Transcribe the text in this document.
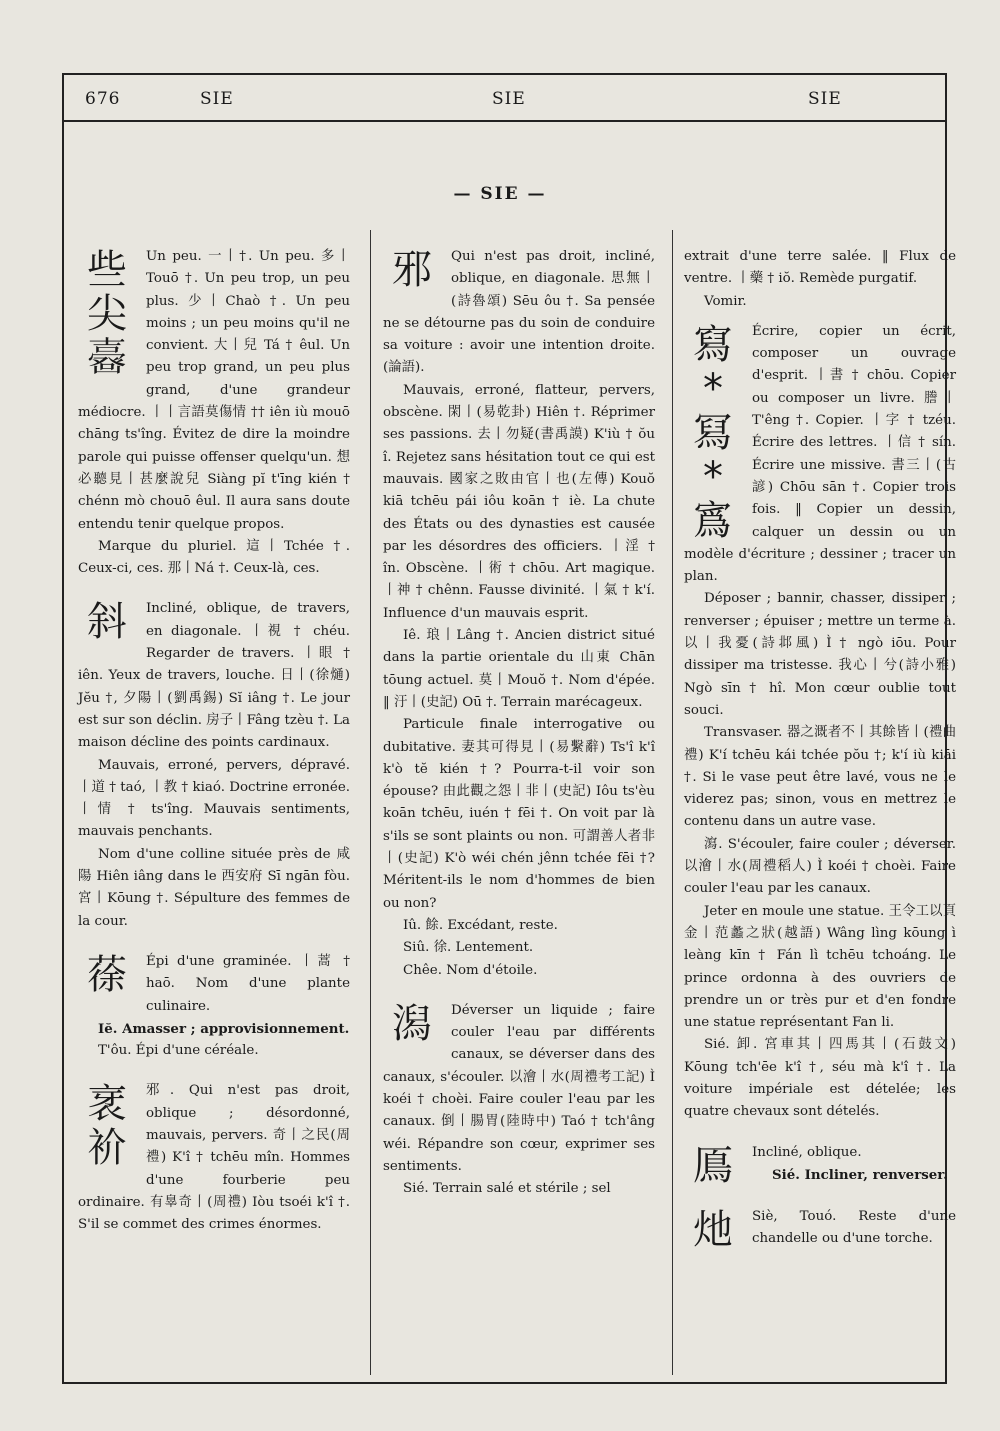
676	SIE	SIE	SIE
— SIE —
些
尖
𡕉

Un peu. 一丨†. Un peu. 多丨Touō †. Un peu trop, un peu plus. 少丨Chaò †. Un peu moins ; un peu moins qu'il ne convient. 大丨兒 Tá † êul. Un peu trop grand, un peu plus grand, d'une grandeur médiocre. 丨丨言語莫傷情 †† iên iù mouō chāng ts'îng. Évitez de dire la moindre parole qui puisse offenser quelqu'un. 想必聽見丨甚麼說兒 Siàng pĭ t'īng kién † chénn mò chouō êul. Il aura sans doute entendu tenir quelque propos.

Marque du pluriel. 這丨Tchée †. Ceux-ci, ces. 那丨Ná †. Ceux-là, ces.

斜	Incliné, oblique, de travers, en diagonale. 丨視 † chéu. Regarder de travers. 丨眼 † iên. Yeux de travers, louche. 日丨(徐熥) Jĕu †, 夕陽丨(劉禹錫) Sĭ iâng †. Le jour est sur son déclin. 房子丨Fâng tzèu †. La maison décline des points cardinaux.

Mauvais, erroné, pervers, dépravé. 丨道 † taó, 丨教 † kiaó. Doctrine erronée. 丨情 † ts'îng. Mauvais sentiments, mauvais penchants.

Nom d'une colline située près de 咸陽 Hiên iâng dans le 西安府 Sī ngān fòu. 宮丨Kōung †. Sépulture des femmes de la cour.

蒣	Épi d'une graminée. 丨蒿 † haō. Nom d'une plante culinaire.

Iĕ. Amasser ; approvisionnement.

T'ôu. Épi d'une céréale.

衺
衸

邪. Qui n'est pas droit, oblique ; désordonné, mauvais, pervers. 奇丨之民(周禮) K'î † tchēu mîn. Hommes d'une fourberie peu ordinaire. 有辠奇丨(周禮) Iòu tsoéi k'î †. S'il se commet des crimes énormes.

邪	Qui n'est pas droit, incliné, oblique, en diagonale. 思無丨(詩魯頌) Sēu ôu †. Sa pensée ne se détourne pas du soin de conduire sa voiture : avoir une intention droite. (論語).

Mauvais, erroné, flatteur, pervers, obscène. 閑丨(易乾卦) Hiên †. Réprimer ses passions. 去丨勿疑(書禹謨) K'iù † ŏu î. Rejetez sans hésitation tout ce qui est mauvais. 國家之敗由官丨也(左傳) Kouŏ kiā tchēu pái iôu koān † iè. La chute des États ou des dynasties est causée par les désordres des officiers. 丨淫 † în. Obscène. 丨術 † chōu. Art magique. 丨神 † chênn. Fausse divinité. 丨氣 † k'í. Influence d'un mauvais esprit.

Iê. 琅丨Lâng †. Ancien district situé dans la partie orientale du 山東 Chān tōung actuel. 莫丨Mouŏ †. Nom d'épée. ‖ 汙丨(史記) Oū †. Terrain marécageux.

Particule finale interrogative ou dubitative. 妻其可得見丨(易繫辭) Ts'î k'î k'ò tĕ kién †? Pourra-t-il voir son épouse? 由此觀之怨丨非丨(史記) Iôu ts'èu koān tchēu, iuén † fēi †. On voit par là s'ils se sont plaints ou non. 可謂善人者非丨(史記) K'ò wéi chén jênn tchée fēi †? Méritent-ils le nom d'hommes de bien ou non?

Iû. 餘. Excédant, reste.

Siû. 徐. Lentement.

Chêe. Nom d'étoile.

潟	Déverser un liquide ; faire couler l'eau par différents canaux, se déverser dans des canaux, s'écouler. 以澮丨水(周禮考工記) Ì koéi † choèi. Faire couler l'eau par les canaux. 倒丨腸胃(陸時中) Taó † tch'âng wéi. Répandre son cœur, exprimer ses sentiments.

Sié. Terrain salé et stérile ; sel

extrait d'une terre salée. ‖ Flux de ventre. 丨藥 † iŏ. Remède purgatif.

Vomir.

寫
*冩
*寪

Écrire, copier un écrit, composer un ouvrage d'esprit. 丨書 † chōu. Copier ou composer un livre. 謄丨T'êng †. Copier. 丨字 † tzéu. Écrire des lettres. 丨信 † sín. Écrire une missive. 書三丨(古諺) Chōu sān †. Copier trois fois. ‖ Copier un dessin, calquer un dessin ou un modèle d'écriture ; dessiner ; tracer un plan.

Déposer ; bannir, chasser, dissiper ; renverser ; épuiser ; mettre un terme à. 以丨我憂(詩邶風) Ì † ngò iōu. Pour dissiper ma tristesse. 我心丨兮(詩小雅) Ngò sīn † hî. Mon cœur oublie tout souci.

Transvaser. 器之溉者不丨其餘皆丨(禮曲禮) K'í tchēu kái tchée pŏu †; k'í iù kiāi †. Si le vase peut être lavé, vous ne le viderez pas; sinon, vous en mettrez le contenu dans un autre vase.

瀉. S'écouler, faire couler ; déverser. 以澮丨水(周禮稻人) Ì koéi † choèi. Faire couler l'eau par les canaux.

Jeter en moule une statue. 王令工以頁金丨范蠡之狀(越語) Wâng lìng kōung ì leàng kīn † Fán lì tchēu tchoáng. Le prince ordonna à des ouvriers de prendre un or très pur et d'en fondre une statue représentant Fan li.

Sié. 卸. 宮車其丨四馬其丨(石鼓文) Kōung tch'ēe k'î †, séu mà k'î †. La voiture impériale est dételée; les quatre chevaux sont dételés.

鳫	Incliné, oblique.

Sié. Incliner, renverser.

灺	Siè, Touó. Reste d'une chandelle ou d'une torche.
